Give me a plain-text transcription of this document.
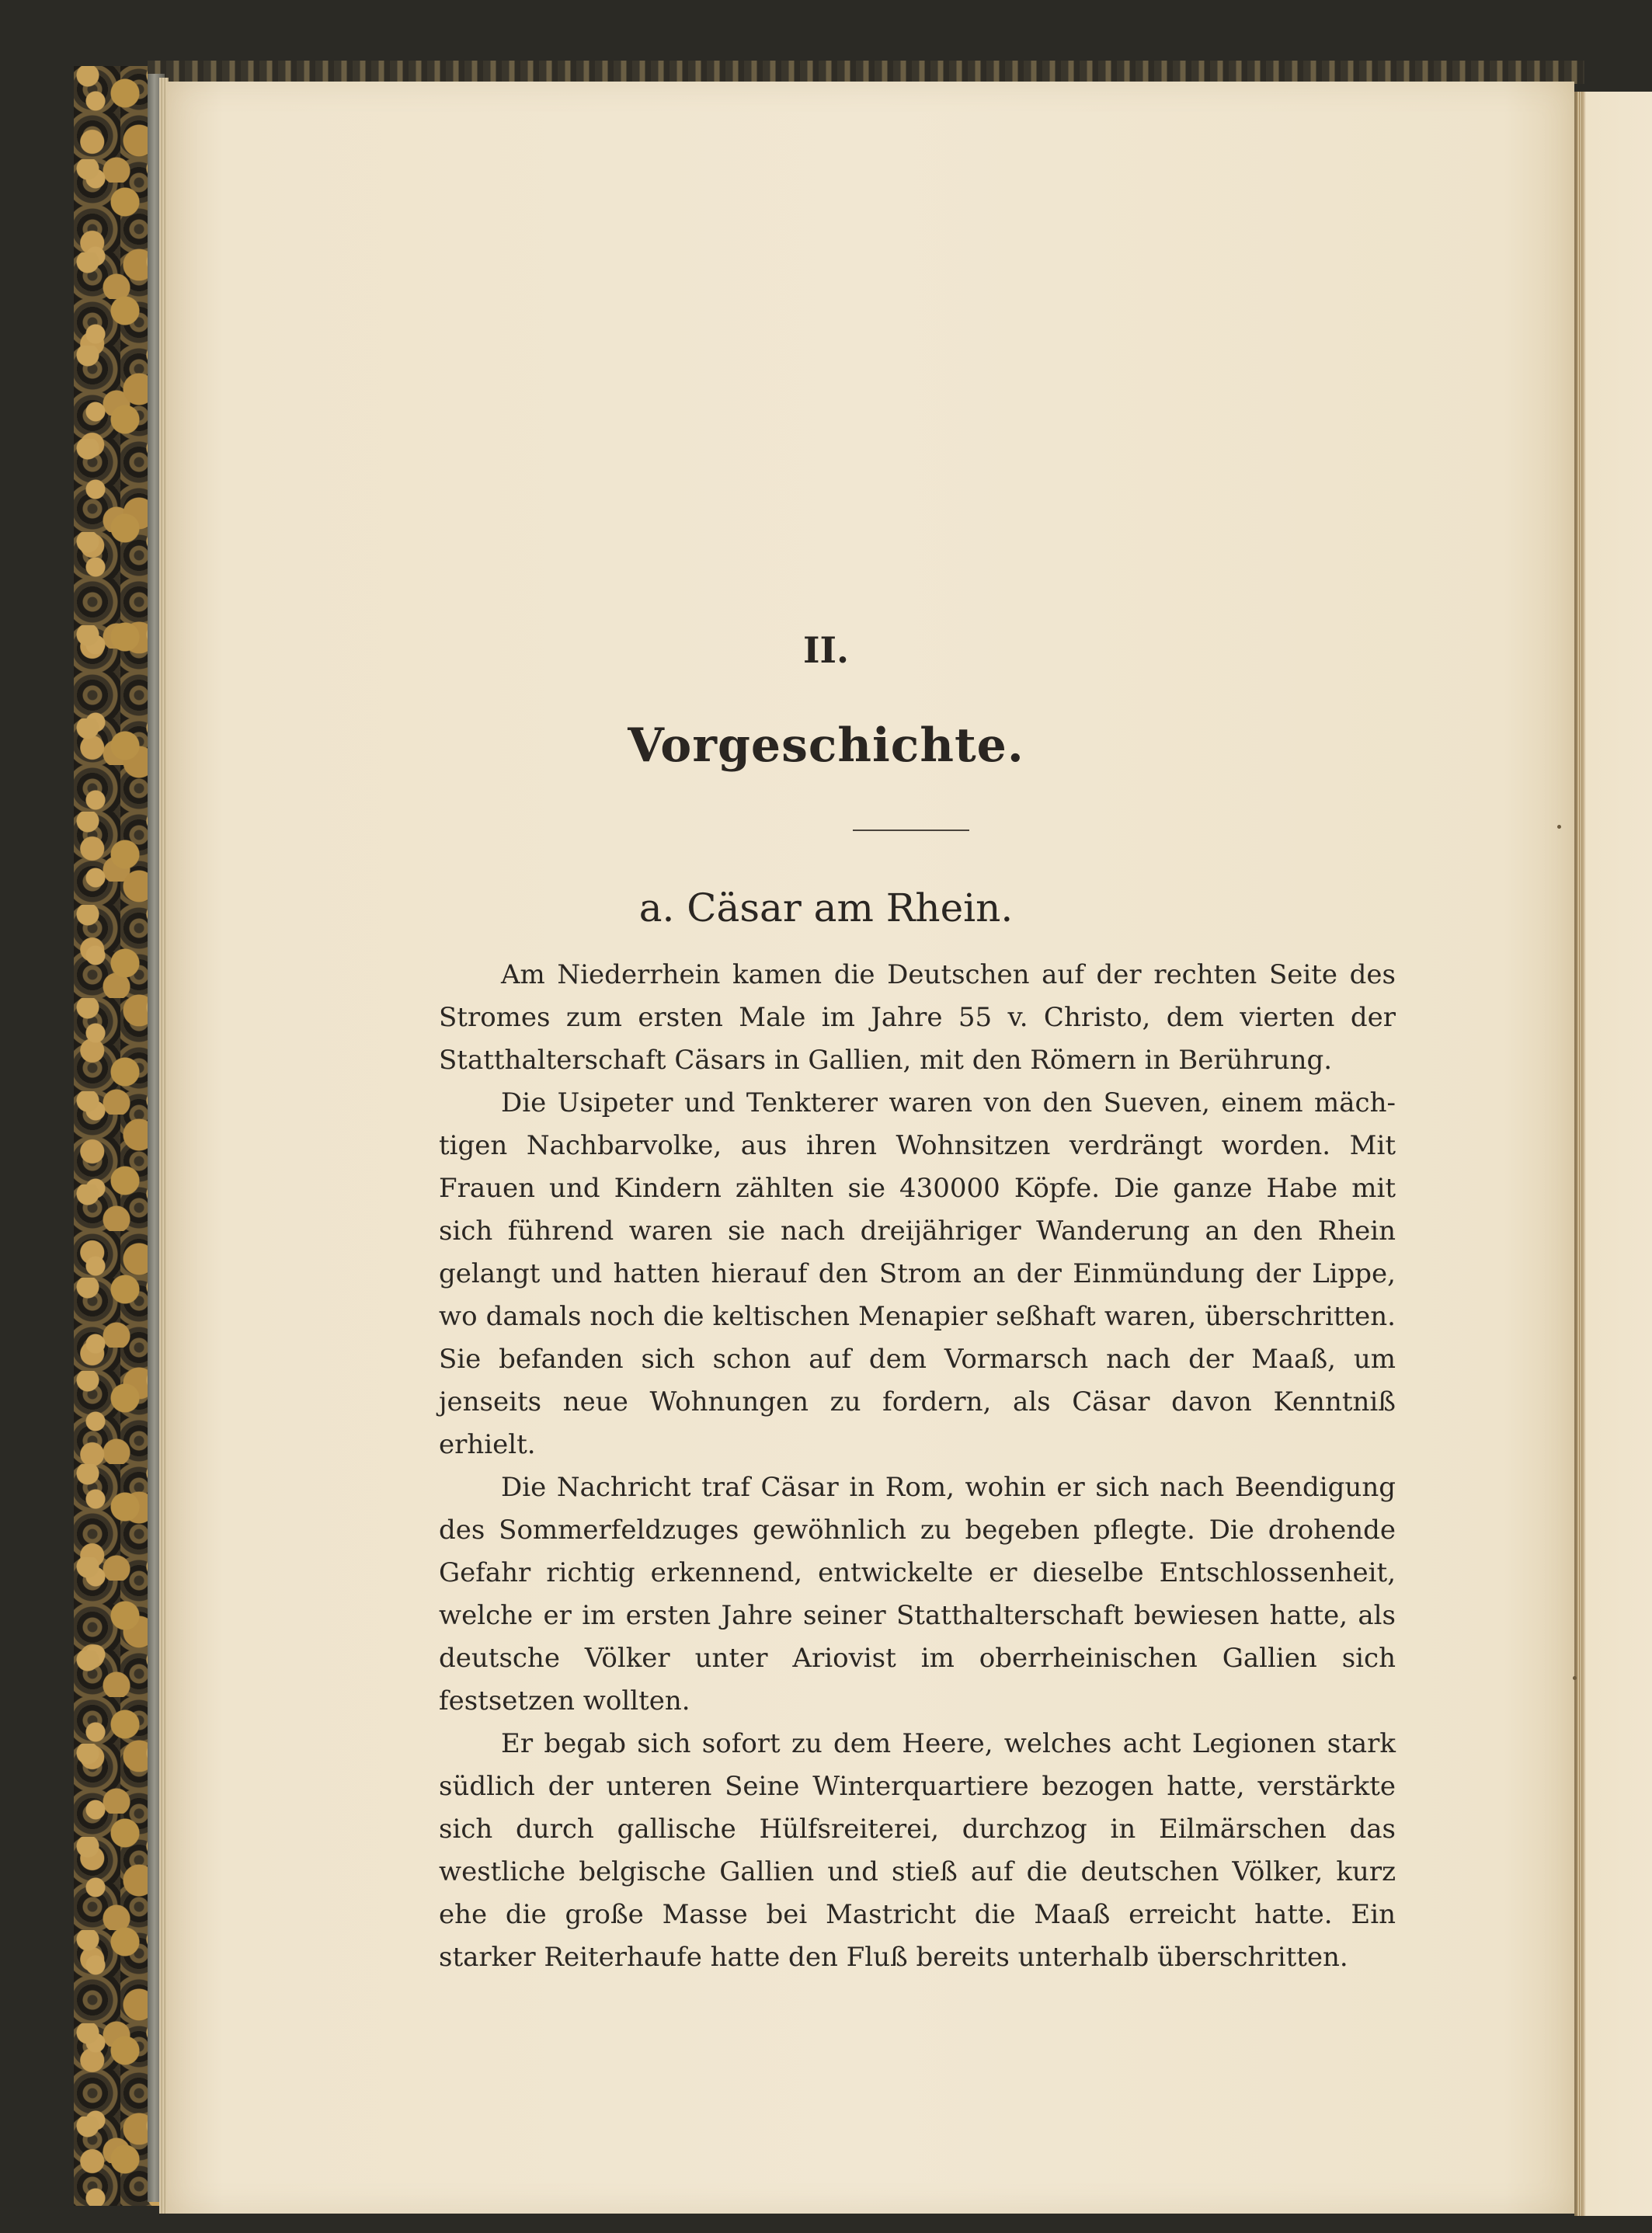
II.
Vorgeschichte.
a. Cäsar am Rhein.

Am Niederrhein kamen die Deutschen auf der rechten Seite des Stromes zum ersten Male im Jahre 55 v. Christo, dem vierten der Statthalterschaft Cäsars in Gallien, mit den Römern in Berührung.

Die Usipeter und Tenkterer waren von den Sueven, einem mächtigen Nachbarvolke, aus ihren Wohnsitzen verdrängt worden. Mit Frauen und Kindern zählten sie 430000 Köpfe. Die ganze Habe mit sich führend waren sie nach dreijähriger Wanderung an den Rhein gelangt und hatten hierauf den Strom an der Einmündung der Lippe, wo damals noch die keltischen Menapier seßhaft waren, überschritten. Sie befanden sich schon auf dem Vormarsch nach der Maaß, um jenseits neue Wohnungen zu fordern, als Cäsar davon Kenntniß erhielt.

Die Nachricht traf Cäsar in Rom, wohin er sich nach Beendigung des Sommerfeldzuges gewöhnlich zu begeben pflegte. Die drohende Gefahr richtig erkennend, entwickelte er dieselbe Entschlossenheit, welche er im ersten Jahre seiner Statthalterschaft bewiesen hatte, als deutsche Völker unter Ariovist im oberrheinischen Gallien sich festsetzen wollten.

Er begab sich sofort zu dem Heere, welches acht Legionen stark südlich der unteren Seine Winterquartiere bezogen hatte, verstärkte sich durch gallische Hülfsreiterei, durchzog in Eilmärschen das westliche belgische Gallien und stieß auf die deutschen Völker, kurz ehe die große Masse bei Mastricht die Maaß erreicht hatte. Ein starker Reiterhaufe hatte den Fluß bereits unterhalb überschritten.
